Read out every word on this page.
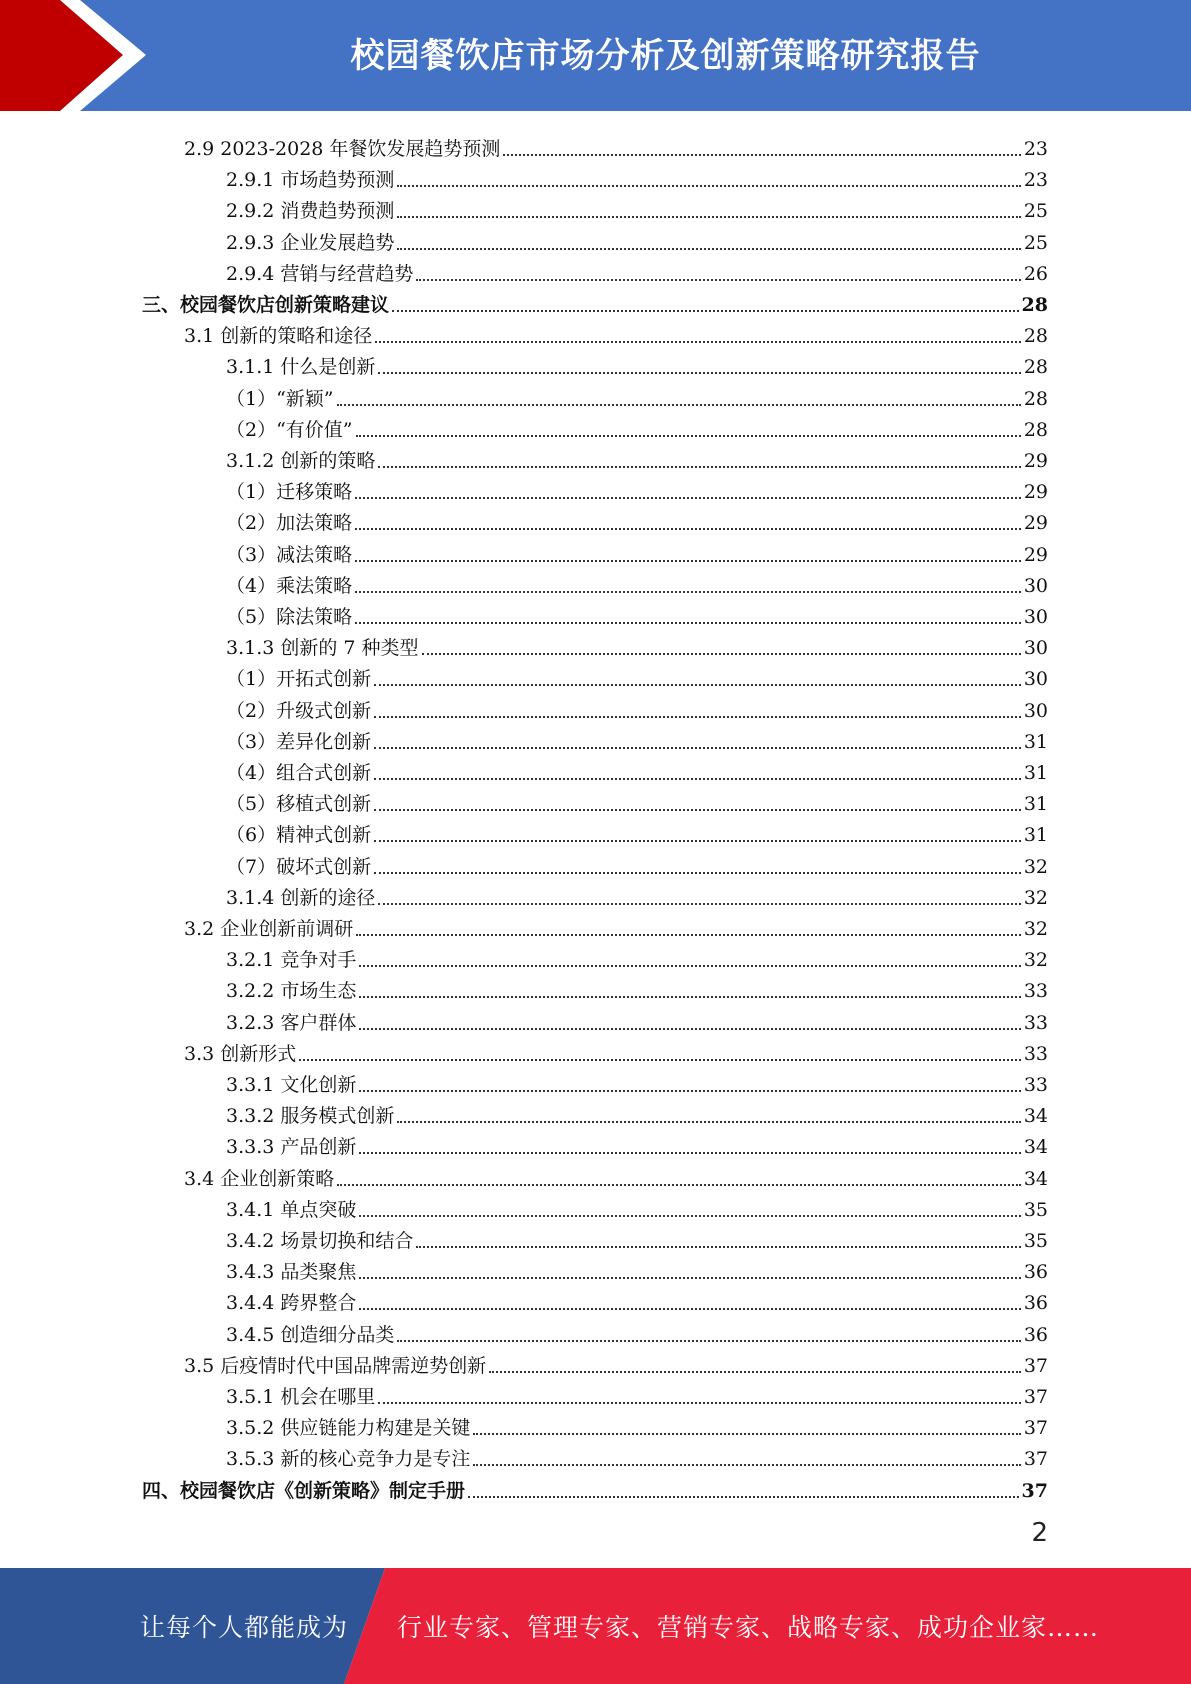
校园餐饮店市场分析及创新策略研究报告
2.9 2023-2028 年餐饮发展趋势预测	23
2.9.1 市场趋势预测	23
2.9.2 消费趋势预测	25
2.9.3 企业发展趋势	25
2.9.4 营销与经营趋势	26
三、校园餐饮店创新策略建议	28
3.1 创新的策略和途径	28
3.1.1 什么是创新	28
（1）“新颖”	28
（2）“有价值”	28
3.1.2 创新的策略	29
（1）迁移策略	29
（2）加法策略	29
（3）减法策略	29
（4）乘法策略	30
（5）除法策略	30
3.1.3 创新的 7 种类型	30
（1）开拓式创新	30
（2）升级式创新	30
（3）差异化创新	31
（4）组合式创新	31
（5）移植式创新	31
（6）精神式创新	31
（7）破坏式创新	32
3.1.4 创新的途径	32
3.2 企业创新前调研	32
3.2.1 竞争对手	32
3.2.2 市场生态	33
3.2.3 客户群体	33
3.3 创新形式	33
3.3.1 文化创新	33
3.3.2 服务模式创新	34
3.3.3 产品创新	34
3.4 企业创新策略	34
3.4.1 单点突破	35
3.4.2 场景切换和结合	35
3.4.3 品类聚焦	36
3.4.4 跨界整合	36
3.4.5 创造细分品类	36
3.5 后疫情时代中国品牌需逆势创新	37
3.5.1 机会在哪里	37
3.5.2 供应链能力构建是关键	37
3.5.3 新的核心竞争力是专注	37
四、校园餐饮店《创新策略》制定手册	37
2
让每个人都能成为 行业专家、管理专家、营销专家、战略专家、成功企业家……
